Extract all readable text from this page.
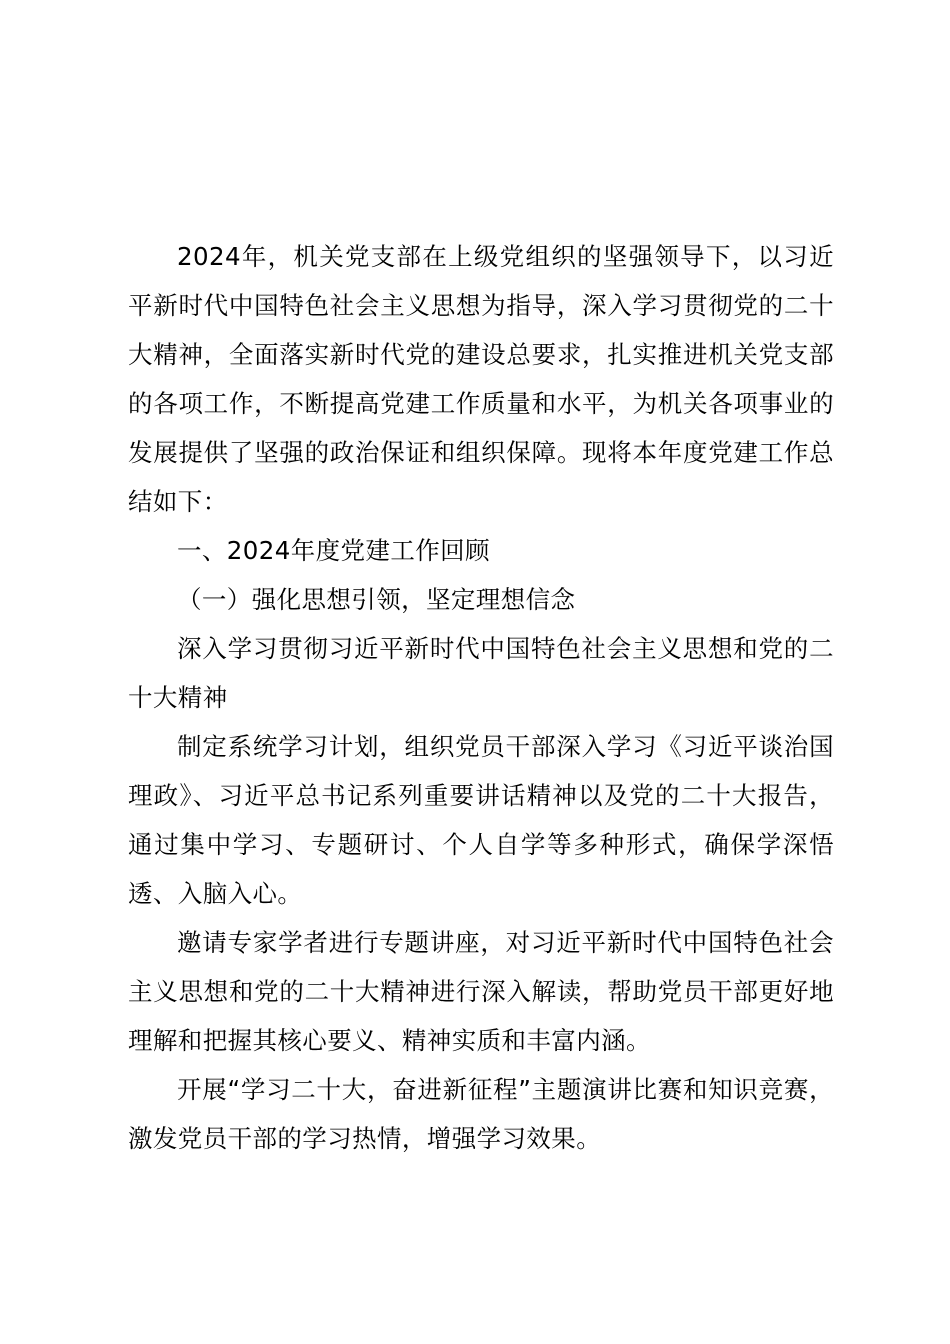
2024年，机关党支部在上级党组织的坚强领导下，以习近平新时代中国特色社会主义思想为指导，深入学习贯彻党的二十大精神，全面落实新时代党的建设总要求，扎实推进机关党支部的各项工作，不断提高党建工作质量和水平，为机关各项事业的发展提供了坚强的政治保证和组织保障。现将本年度党建工作总结如下：

一、2024年度党建工作回顾

（一）强化思想引领，坚定理想信念

深入学习贯彻习近平新时代中国特色社会主义思想和党的二十大精神

制定系统学习计划，组织党员干部深入学习《习近平谈治国理政》、习近平总书记系列重要讲话精神以及党的二十大报告，通过集中学习、专题研讨、个人自学等多种形式，确保学深悟透、入脑入心。

邀请专家学者进行专题讲座，对习近平新时代中国特色社会主义思想和党的二十大精神进行深入解读，帮助党员干部更好地理解和把握其核心要义、精神实质和丰富内涵。

开展“学习二十大，奋进新征程”主题演讲比赛和知识竞赛，激发党员干部的学习热情，增强学习效果。
